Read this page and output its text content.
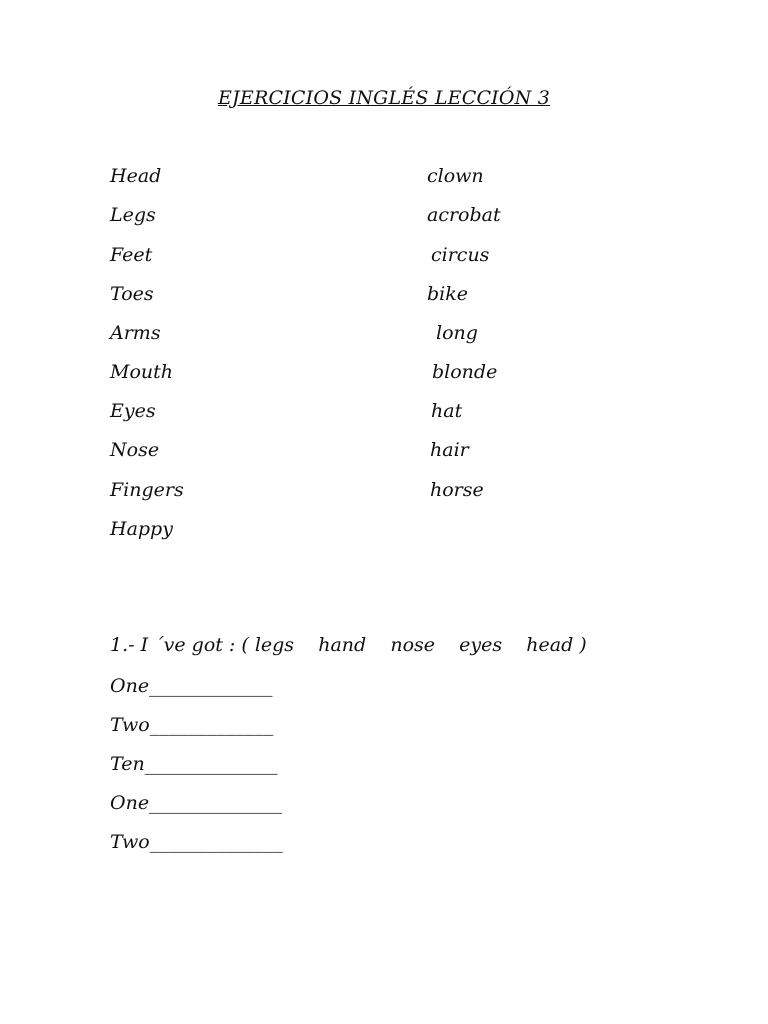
EJERCICIOS INGLÉS LECCIÓN 3
Head
Legs
Feet
Toes
Arms
Mouth
Eyes
Nose
Fingers
Happy
clown
acrobat
circus
bike
long
blonde
hat
hair
horse
1.- I ´ve got : ( legs    hand    nose    eyes    head )
One_____________
Two_____________
Ten______________
One______________
Two______________
